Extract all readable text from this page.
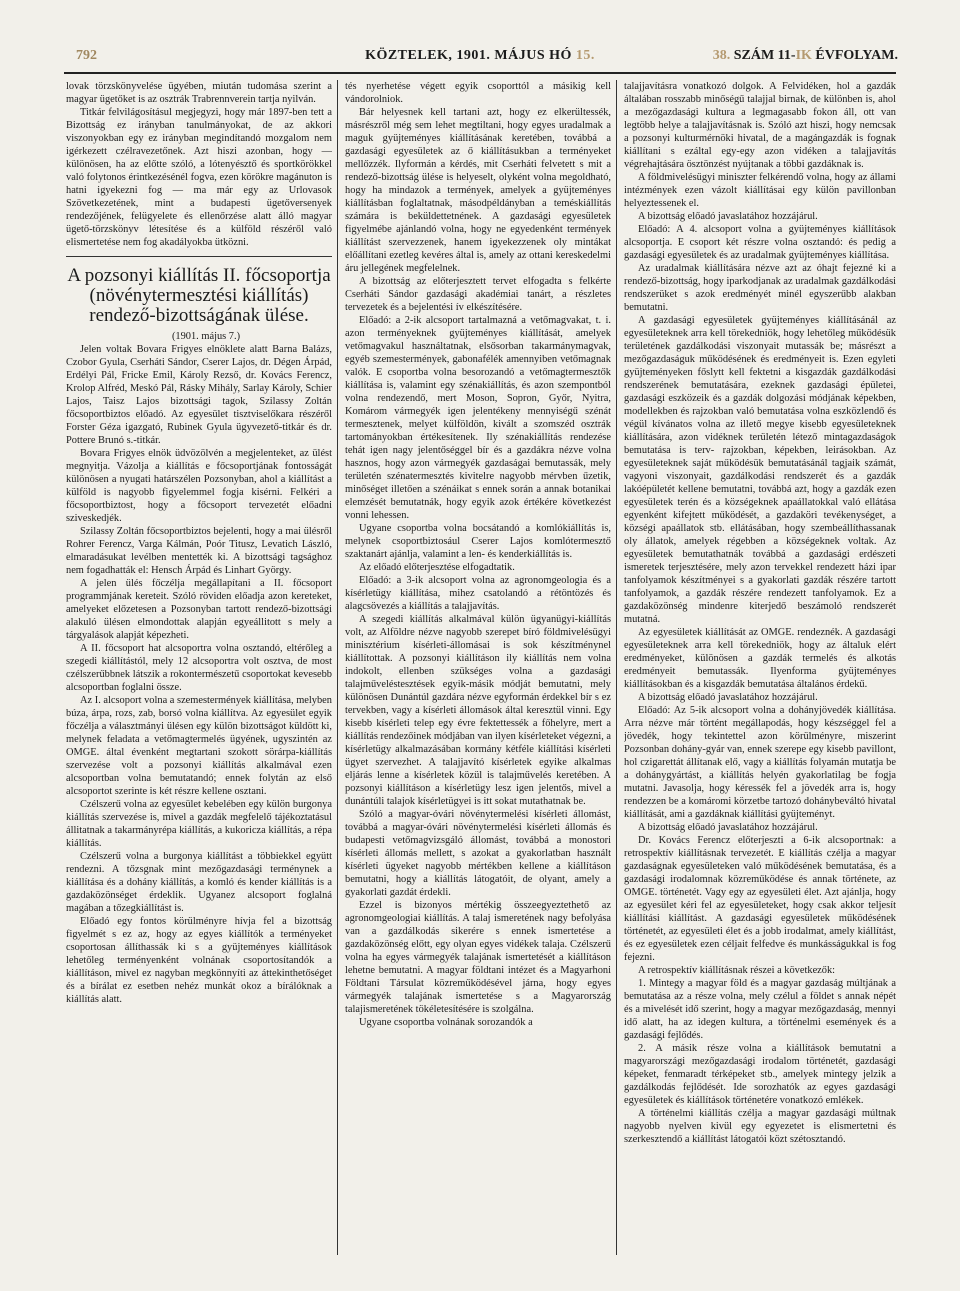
792	KÖZTELEK, 1901. MÁJUS HÓ 15.	38. SZÁM 11-IK ÉVFOLYAM.

lovak törzskönyvelése ügyében, miután tudomása szerint a magyar ügetőket is az osztrák Trabrennverein tartja nyilván.

Titkár felvilágosításul megjegyzi, hogy már 1897-ben tett a Bizottság ez irányban tanulmányokat, de az akkori viszonyokban egy ez irányban megindítandó mozgalom nem igérkezett czélravezetőnek. Azt hiszi azonban, hogy — különösen, ha az előtte szóló, a lótenyésztő és sportkörökkel való folytonos érintkezésénél fogva, ezen körökre magánuton is hatni igyekezni fog — ma már egy az Urlovasok Szövetkezetének, mint a budapesti ügetőversenyek rendezőjének, felügyelete és ellenőrzése alatt álló magyar ügető-törzskönyv létesítése és a külföld részéről való elismertetése nem fog akadályokba ütközni.

A pozsonyi kiállítás II. főcsoportja (növénytermesztési kiállítás) rendező-bizottságának ülése.

(1901. május 7.)

Jelen voltak Bovara Frigyes elnöklete alatt Barna Balázs, Czobor Gyula, Cserháti Sándor, Cserer Lajos, dr. Dégen Árpád, Erdélyi Pál, Fricke Emil, Károly Rezső, dr. Kovács Ferencz, Krolop Alfréd, Meskó Pál, Rásky Mihály, Sarlay Károly, Schier Lajos, Taisz Lajos bizottsági tagok, Szilassy Zoltán főcsoportbiztos előadó. Az egyesület tisztviselőkara részéről Forster Géza igazgató, Rubinek Gyula ügyvezető-titkár és dr. Pottere Brunó s.-titkár.

Bovara Frigyes elnök üdvözölvén a megjelenteket, az ülést megnyitja. Vázolja a kiállítás e főcsoportjának fontosságát különösen a nyugati határszélen Pozsonyban, ahol a kiállítást a külföld is nagyobb figyelemmel fogja kisérni. Felkéri a főcsoportbiztost, hogy a főcsoport tervezetét előadni sziveskedjék.

Szilassy Zoltán főcsoportbiztos bejelenti, hogy a mai ülésről Rohrer Ferencz, Varga Kálmán, Poór Titusz, Levatich László, elmaradásukat levélben mentették ki. A bizottsági tagsághoz nem fogadhatták el: Hensch Árpád és Linhart György.

A jelen ülés főczélja megállapítani a II. főcsoport programmjának kereteit. Szóló röviden előadja azon kereteket, amelyeket előzetesen a Pozsonyban tartott rendező-bizottsági alakuló ülésen elmondottak alapján egyeállitott s mely a tárgyalások alapját képezheti.

A II. főcsoport hat alcsoportra volna osztandó, eltérőleg a szegedi kiállítástól, mely 12 alcsoportra volt osztva, de most czélszerűbbnek látszik a rokontermészetű csoportokat kevesebb alcsoportban foglalni össze.

Az I. alcsoport volna a szemestermények kiállítása, melyben búza, árpa, rozs, zab, borsó volna kiállítva. Az egyesület egyik főczélja a választmányi ülésen egy külön bizottságot küldött ki, melynek feladata a vetőmagtermelés ügyének, ugyszintén az OMGE. által évenként megtartani szokott sörárpa-kiállítás szervezése volt a pozsonyi kiállítás alkalmával ezen alcsoportban volna bemutatandó; ennek folytán az első alcsoportot szerinte is két részre kellene osztani.

Czélszerű volna az egyesület kebelében egy külön burgonya kiállítás szervezése is, mivel a gazdák megfelelő tájékoztatásul állitatnak a takarmányrépa kiállítás, a kukoricza kiállítás, a répa kiállítás.

Czélszerű volna a burgonya kiállítást a többiekkel együtt rendezni. A tőzsgnak mint mezőgazdasági terménynek a kiállítása és a dohány kiállítás, a komló és kender kiállítás is a gazdaközönséget érdeklik. Ugyanez alcsoport foglalná magában a tőzegkiállítást is.

Előadó egy fontos körülményre hívja fel a bizottság figyelmét s ez az, hogy az egyes kiállítók a terményeket csoportosan állíthassák ki s a gyüjteményes kiállítások lehetőleg terményenként volnának csoportosítandók a kiállításon, mivel ez nagyban megkönnyíti az áttekinthetőséget és a bírálat ez esetben nehéz munkát okoz a bírálóknak a kiállítás alatt.

tés nyerhetése végett egyik csoporttól a másikig kell vándorolniok.

Bár helyesnek kell tartani azt, hogy ez elkerültessék, másrészről még sem lehet megtiltani, hogy egyes uradalmak a maguk gyüjteményes kiállításának keretében, továbbá a gazdasági egyesületek az ő kiállításukban a terményeket mellőzzék. Ilyformán a kérdés, mit Cserháti felvetett s mit a rendező-bizottság ülése is helyeselt, olyként volna megoldható, hogy ha mindazok a termények, amelyek a gyüjteményes kiállításban foglaltatnak, másodpéldányban a teméskiállítás számára is beküldettetnének. A gazdasági egyesületek figyelmébe ajánlandó volna, hogy ne egyedenként termények kiállítást szervezzenek, hanem igyekezzenek oly mintákat előállítani ezetleg kevéres által is, amely az ottani kereskedelmi áru jellegének megfelelnek.

A bizottság az előterjesztett tervet elfogadta s felkérte Cserháti Sándor gazdasági akadémiai tanárt, a részletes tervezetek és a bejelentési ív elkészítésére.

Előadó: a 2-ik alcsoport tartalmazná a vetőmagvakat, t. i. azon terményeknek gyüjteményes kiállítását, amelyek vetőmagvakul használtatnak, elsősorban takarmánymagvak, egyéb szemestermények, gabonafélék amennyiben vetőmagnak valók. E csoportba volna besorozandó a vetőmagtermesztők kiállítása is, valamint egy szénakiállítás, és azon szempontból volna rendezendő, mert Moson, Sopron, Győr, Nyitra, Komárom vármegyék igen jelentékeny mennyiségű szénát termesztenek, melyet külföldön, kivált a szomszéd osztrák tartományokban értékesítenek. Ily szénakiállítás rendezése tehát igen nagy jelentőséggel bír és a gazdákra nézve volna hasznos, hogy azon vármegyék gazdaságai bemutassák, mely területén szénatermesztés kivitelre nagyobb mérvben űzetik, minőséget illetően a szénáikat s ennek során a annak botanikai elemzését bemutatnák, hogy egyik azok értékére következést vonni lehessen.

Ugyane csoportba volna bocsátandó a komlókiállítás is, melynek csoportbiztosául Cserer Lajos komlótermesztő szaktanárt ajánlja, valamint a len- és kenderkiállítás is.

Az előadó előterjesztése elfogadtatik.

Előadó: a 3-ik alcsoport volna az agronomgeologia és a kísérletügy kiállítása, mihez csatolandó a rétöntözés és alagcsövezés a kiállítás a talajjavítás.

A szegedi kiállítás alkalmával külön ügyanügyi-kiállítás volt, az Alföldre nézve nagyobb szerepet bíró földmivelésügyi minisztérium kísérleti-állomásai is sok készítménynel kiállítottak. A pozsonyi kiállításon ily kiállítás nem volna indokolt, ellenben szükséges volna a gazdasági talajműveléstesztések egyik-másik módját bemutatni, mely különösen Dunántúl gazdára nézve egyformán érdekkel bír s ez tervekben, vagy a kísérleti állomások által keresztül vinni. Egy kisebb kísérleti telep egy évre fektettessék a főhelyre, mert a kiállítás rendezőinek módjában van ilyen kísérleteket végezni, a kísérletügy alkalmazásában kormány kétféle kiállítási kísérleti ügyet szervezhet. A talajjavító kísérletek egyike alkalmas eljárás lenne a kísérletek közül is talajművelés keretében. A pozsonyi kiállításon a kísérletügy lesz igen jelentős, mivel a dunántúli talajok kísérletügyei is itt sokat mutathatnak be.

Szóló a magyar-óvári növénytermelési kísérleti állomást, továbbá a magyar-óvári növénytermelési kísérleti állomás és budapesti vetőmagvizsgáló állomást, továbbá a monostori kísérleti állomás mellett, s azokat a gyakorlatban használt kísérleti ügyeket nagyobb mértékben kellene a kiállításon bemutatni, hogy a kiállítás látogatóit, de olyant, amely a gyakorlati gazdát érdekli.

Ezzel is bizonyos mértékig összeegyeztethető az agronomgeologiai kiállítás. A talaj ismeretének nagy befolyása van a gazdálkodás sikerére s ennek ismertetése a gazdaközönség előtt, egy olyan egyes vidékek talaja. Czélszerű volna ha egyes vármegyék talajának ismertetését a kiállításon lehetne bemutatni. A magyar földtani intézet és a Magyarhoni Földtani Társulat közreműködésével járna, hogy egyes vármegyék talajának ismertetése s a Magyarország talajismeretének tökéletesítésére is szolgálna.

Ugyane csoportba volnának sorozandók a

talajjavításra vonatkozó dolgok. A Felvidéken, hol a gazdák általában rosszabb minőségű talajjal birnak, de különben is, ahol a mezőgazdasági kultura a legmagasabb fokon áll, ott van legtöbb helye a talajjavításnak is. Szóló azt hiszi, hogy nemcsak a pozsonyi kulturmérnöki hivatal, de a magángazdák is fognak kiállítani s ezáltal egy-egy azon vidéken a talajjavítás végrehajtására ösztönzést nyújtanak a többi gazdáknak is.

A földmivelésügyi miniszter felkérendő volna, hogy az állami intézmények ezen vázolt kiállításai egy külön pavillonban helyeztessenek el.

A bizottság előadó javaslatához hozzájárul.

Előadó: A 4. alcsoport volna a gyüjteményes kiállítások alcsoportja. E csoport két részre volna osztandó: és pedig a gazdasági egyesületek és az uradalmak gyüjteményes kiállítása.

Az uradalmak kiállítására nézve azt az óhajt fejezné ki a rendező-bizottság, hogy iparkodjanak az uradalmak gazdálkodási rendszerüket s azok eredményét minél egyszerűbb alakban bemutatni.

A gazdasági egyesületek gyüjteményes kiállításánál az egyesületeknek arra kell törekedniök, hogy lehetőleg működésük területének gazdálkodási viszonyait mutassák be; másrészt a mezőgazdaságuk működésének és eredményeit is. Ezen egyleti gyüjteményeken főslytt kell fektetni a kisgazdák gazdálkodási rendszerének bemutatására, ezeknek gazdasági épületei, gazdasági eszközeik és a gazdák dolgozási módjának képekben, modellekben és rajzokban való bemutatása volna eszközlendő és végül kívánatos volna az illető megye kisebb egyesületeknek kiállítására, azon vidéknek területén létező mintagazdaságok bemutatása is terv- rajzokban, képekben, leirásokban. Az egyesületeknek saját működésük bemutatásánál tagjaik számát, vagyoni viszonyait, gazdálkodási rendszerét és a gazdák lakóépületét kellene bemutatni, továbbá azt, hogy a gazdák ezen egyesületek terén és a községeknek apaállatokkal való ellátása egyenként kifejtett működését, a gazdaköri tevékenységet, a községi apaállatok stb. ellátásában, hogy szembeállíthassanak oly állatok, amelyek régebben a községeknek voltak. Az egyesületek bemutathatnák továbbá a gazdasági erdészeti ismeretek terjesztésére, mely azon tervekkel rendezett házi ipar tanfolyamok készítményei s a gyakorlati gazdák részére tartott tanfolyamok, a gazdák részére rendezett tanfolyamok. Ez a gazdaközönség mindenre kiterjedő beszámoló rendszerét mutatná.

Az egyesületek kiállítását az OMGE. rendeznék. A gazdasági egyesületeknek arra kell törekedniök, hogy az általuk elért eredményeket, különösen a gazdák termelés és alkotás eredményeit bemutassák. Ilyenforma gyüjteményes kiállításokban és a kisgazdák bemutatása általános érdekű.

A bizottság előadó javaslatához hozzájárul.

Előadó: Az 5-ik alcsoport volna a dohányjövedék kiállítása. Arra nézve már történt megállapodás, hogy készséggel fel a jövedék, hogy tekintettel azon körülményre, miszerint Pozsonban dohány-gyár van, ennek szerepe egy kisebb pavillont, hol czigarettát állítanak elő, vagy a kiállítás folyamán mutatja be a dohánygyártást, a kiállítás helyén gyakorlatilag be fogja mutatni. Javasolja, hogy kéressék fel a jövedék arra is, hogy rendezzen be a komáromi körzetbe tartozó dohánybeváltó hivatal kiállítását, ami a gazdáknak kiállítási gyüjteményt.

A bizottság előadó javaslatához hozzájárul.

Dr. Kovács Ferencz előterjeszti a 6-ik alcsoportnak: a retrospektív kiállításnak tervezetét. E kiállítás czélja a magyar gazdaságnak egyesületeken való működésének bemutatása, és a gazdasági irodalomnak közreműködése és annak története, az OMGE. történetét. Vagy egy az egyesületi élet. Azt ajánlja, hogy az egyesület kéri fel az egyesületeket, hogy csak akkor teljesít kiállítási kiállítást. A gazdasági egyesületek működésének történetét, az egyesületi élet és a jobb irodalmat, amely kiállítást, és ez egyesületek ezen céljait felfedve és munkásságukkal is fog fejezni.

A retrospektív kiállításnak részei a következők:

1. Mintegy a magyar föld és a magyar gazdaság múltjának a bemutatása az a része volna, mely czélul a földet s annak népét és a mivelését idő szerint, hogy a magyar mezőgazdaság, mennyi idő alatt, ha az idegen kultura, a történelmi események és a gazdasági fejlődés.

2. A másik része volna a kiállítások bemutatni a magyarországi mezőgazdasági irodalom történetét, gazdasági képeket, fenmaradt térképeket stb., amelyek mintegy jelzik a gazdálkodás fejlődését. Ide sorozhatók az egyes gazdasági egyesületek és kiállítások történetére vonatkozó emlékek.

A történelmi kiállítás czélja a magyar gazdasági múltnak nagyobb nyelven kivül egy egyezetet is elismertetni és szerkesztendő a kiállítást látogatói közt szétosztandó.
